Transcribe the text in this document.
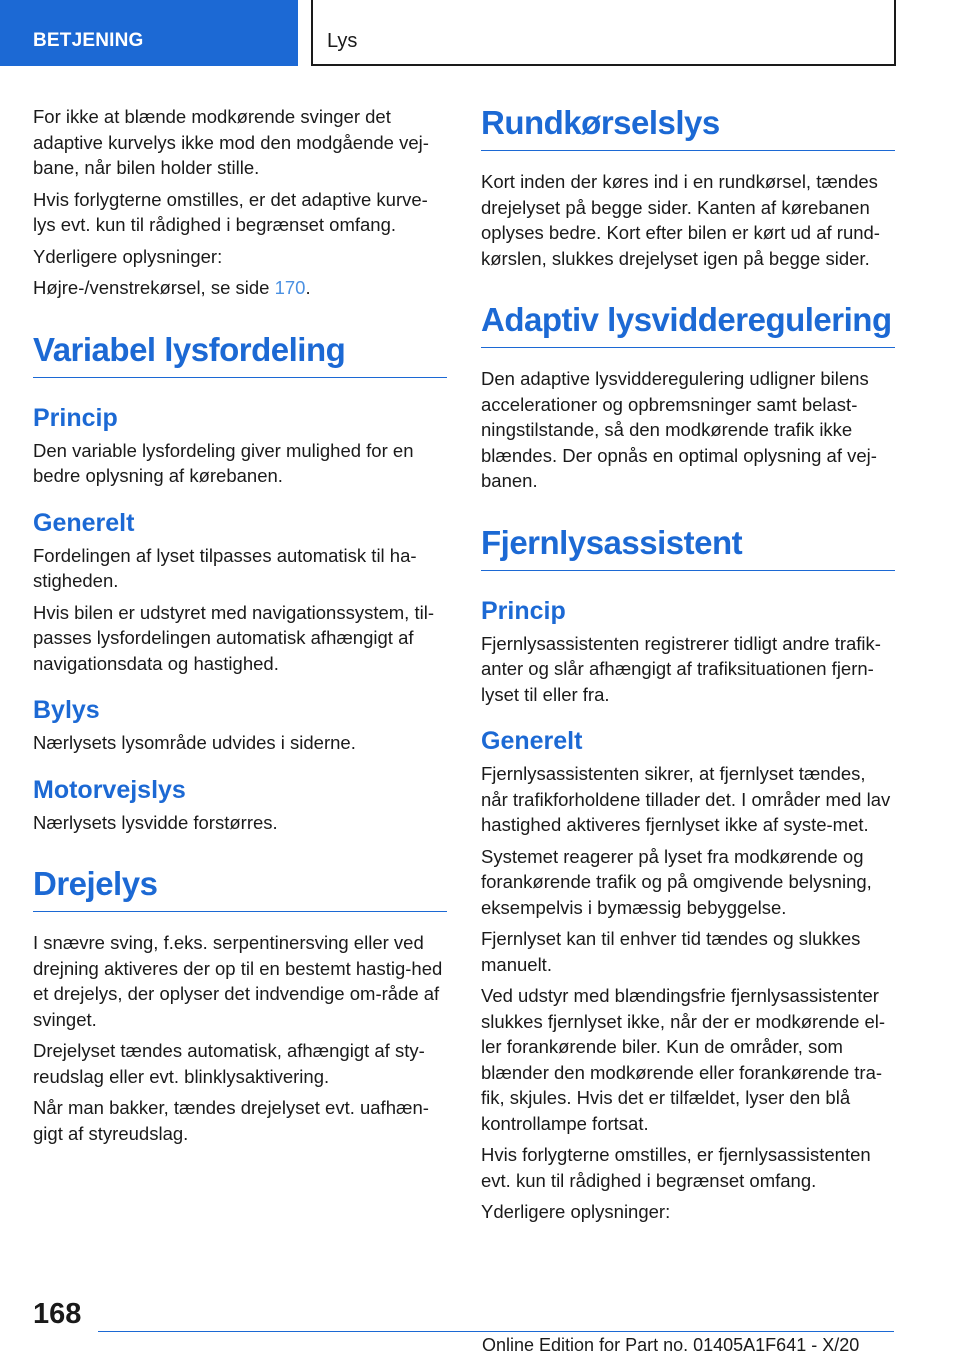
BETJENING	Lys

For ikke at blænde modkørende svinger det adaptive kurvelys ikke mod den modgående vej-bane, når bilen holder stille.

Hvis forlygterne omstilles, er det adaptive kurve-lys evt. kun til rådighed i begrænset omfang.

Yderligere oplysninger:

Højre-/venstrekørsel, se side 170.

Variabel lysfordeling
Princip

Den variable lysfordeling giver mulighed for en bedre oplysning af kørebanen.

Generelt

Fordelingen af lyset tilpasses automatisk til ha-stigheden.

Hvis bilen er udstyret med navigationssystem, til-passes lysfordelingen automatisk afhængigt af navigationsdata og hastighed.

Bylys

Nærlysets lysområde udvides i siderne.

Motorvejslys

Nærlysets lysvidde forstørres.

Drejelys

I snævre sving, f.eks. serpentinersving eller ved drejning aktiveres der op til en bestemt hastig-hed et drejelys, der oplyser det indvendige om-råde af svinget.

Drejelyset tændes automatisk, afhængigt af sty-reudslag eller evt. blinklysaktivering.

Når man bakker, tændes drejelyset evt. uafhæn-gigt af styreudslag.

Rundkørselslys

Kort inden der køres ind i en rundkørsel, tændes drejelyset på begge sider. Kanten af kørebanen oplyses bedre. Kort efter bilen er kørt ud af rund-kørslen, slukkes drejelyset igen på begge sider.

Adaptiv lysvidderegulering

Den adaptive lysvidderegulering udligner bilens accelerationer og opbremsninger samt belast-ningstilstande, så den modkørende trafik ikke blændes. Der opnås en optimal oplysning af vej-banen.

Fjernlysassistent
Princip

Fjernlysassistenten registrerer tidligt andre trafik-anter og slår afhængigt af trafiksituationen fjern-lyset til eller fra.

Generelt

Fjernlysassistenten sikrer, at fjernlyset tændes, når trafikforholdene tillader det. I områder med lav hastighed aktiveres fjernlyset ikke af syste-met.

Systemet reagerer på lyset fra modkørende og forankørende trafik og på omgivende belysning, eksempelvis i bymæssig bebyggelse.

Fjernlyset kan til enhver tid tændes og slukkes manuelt.

Ved udstyr med blændingsfrie fjernlysassistenter slukkes fjernlyset ikke, når der er modkørende el-ler forankørende biler. Kun de områder, som blænder den modkørende eller forankørende tra-fik, skjules. Hvis det er tilfældet, lyser den blå kontrollampe fortsat.

Hvis forlygterne omstilles, er fjernlysassistenten evt. kun til rådighed i begrænset omfang.

Yderligere oplysninger:

168
Online Edition for Part no. 01405A1F641 - X/20
